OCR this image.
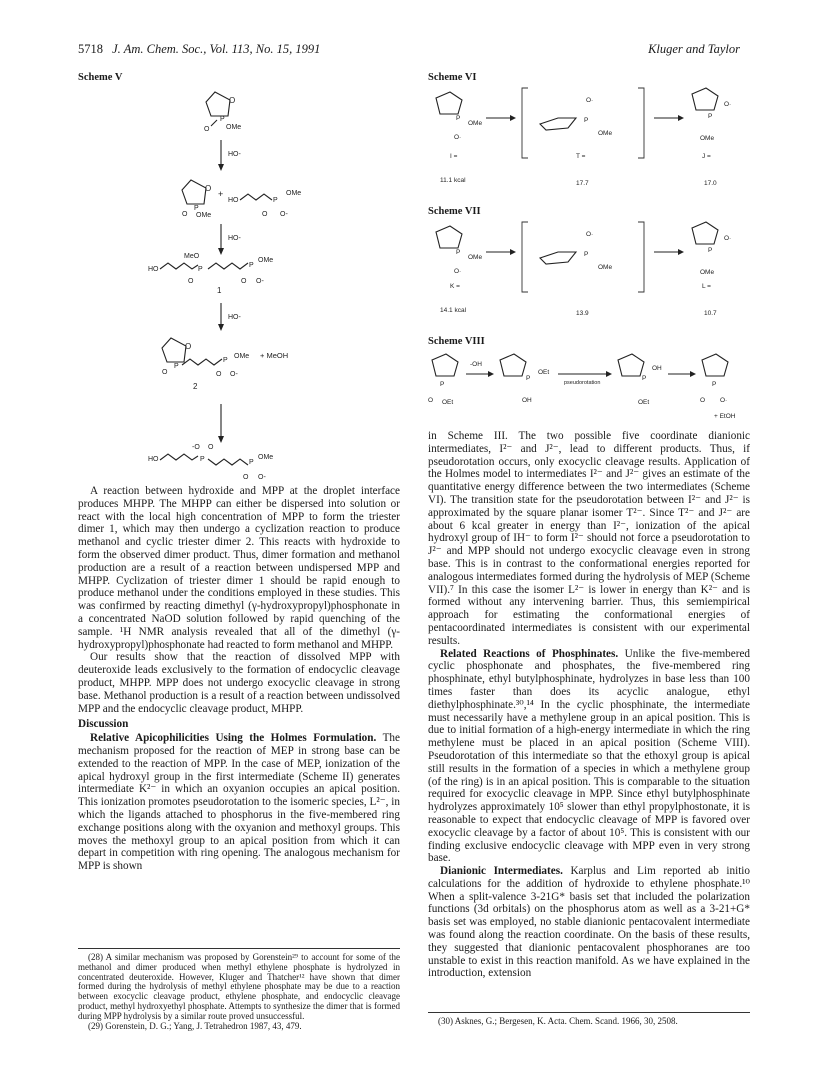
5718 J. Am. Chem. Soc., Vol. 113, No. 15, 1991	Kluger and Taylor
Scheme V
O
P
O OMe
HO-
O
P
O OMe
+
HO	P
OMe
O O-
HO-
MeO
HO	P
O
P
OMe
O O-
1
HO-
O
P
O
P
OMe
O O-
+ MeOH
2
-O O
HO	P	P
OMe
O O-
Scheme VI
P
OMe
O·
I =
P
OMe
O·
T =
P
O·
OMe
J =
11.1 kcal	17.7	17.0
Scheme VII
P
OMe
O·
K =
P
OMe
O·
P
O·
OMe
L =
14.1 kcal	13.9	10.7
Scheme VIII
P
O OEt
-OH
P
OEt
OH
pseudorotation
P
OH
OEt
P
O O·
+ EtOH

A reaction between hydroxide and MPP at the droplet interface produces MHPP. The MHPP can either be dispersed into solution or react with the local high concentration of MPP to form the triester dimer 1, which may then undergo a cyclization reaction to produce methanol and cyclic triester dimer 2. This reacts with hydroxide to form the observed dimer product. Thus, dimer formation and methanol production are a result of a reaction between undispersed MPP and MHPP. Cyclization of triester dimer 1 should be rapid enough to produce methanol under the conditions employed in these studies. This was confirmed by reacting dimethyl (γ-hydroxypropyl)phosphonate in a concentrated NaOD solution followed by rapid quenching of the sample. ¹H NMR analysis revealed that all of the dimethyl (γ-hydroxypropyl)phosphonate had reacted to form methanol and MHPP.

Our results show that the reaction of dissolved MPP with deuteroxide leads exclusively to the formation of endocyclic cleavage product, MHPP. MPP does not undergo exocyclic cleavage in strong base. Methanol production is a result of a reaction between undissolved MPP and the endocyclic cleavage product, MHPP.

Discussion

Relative Apicophilicities Using the Holmes Formulation. The mechanism proposed for the reaction of MEP in strong base can be extended to the reaction of MPP. In the case of MEP, ionization of the apical hydroxyl group in the first intermediate (Scheme II) generates intermediate K²⁻ in which an oxyanion occupies an apical position. This ionization promotes pseudorotation to the isomeric species, L²⁻, in which the ligands attached to phosphorus in the five-membered ring exchange positions along with the oxyanion and methoxyl groups. This moves the methoxyl group to an apical position from which it can depart in competition with ring opening. The analogous mechanism for MPP is shown

(28) A similar mechanism was proposed by Gorenstein²⁹ to account for some of the methanol and dimer produced when methyl ethylene phosphate is hydrolyzed in concentrated deuteroxide. However, Kluger and Thatcher¹² have shown that dimer formed during the hydrolysis of methyl ethylene phosphate may be due to a reaction between exocyclic cleavage product, ethylene phosphate, and endocyclic cleavage product, methyl hydroxyethyl phosphate. Attempts to synthesize the dimer that is formed during MPP hydrolysis by a similar route proved unsuccessful.

(29) Gorenstein, D. G.; Yang, J. Tetrahedron 1987, 43, 479.

in Scheme III. The two possible five coordinate dianionic intermediates, I²⁻ and J²⁻, lead to different products. Thus, if pseudorotation occurs, only exocyclic cleavage results. Application of the Holmes model to intermediates I²⁻ and J²⁻ gives an estimate of the quantitative energy difference between the two intermediates (Scheme VI). The transition state for the pseudorotation between I²⁻ and J²⁻ is approximated by the square planar isomer T²⁻. Since T²⁻ and J²⁻ are about 6 kcal greater in energy than I²⁻, ionization of the apical hydroxyl group of IH⁻ to form I²⁻ should not force a pseudorotation to J²⁻ and MPP should not undergo exocyclic cleavage even in strong base. This is in contrast to the conformational energies reported for analogous intermediates formed during the hydrolysis of MEP (Scheme VII).⁷ In this case the isomer L²⁻ is lower in energy than K²⁻ and is formed without any intervening barrier. Thus, this semiempirical approach for estimating the conformational energies of pentacoordinated intermediates is consistent with our experimental results.

Related Reactions of Phosphinates. Unlike the five-membered cyclic phosphonate and phosphates, the five-membered ring phosphinate, ethyl butylphosphinate, hydrolyzes in base less than 100 times faster than does its acyclic analogue, ethyl diethylphosphinate.³⁰,¹⁴ In the cyclic phosphinate, the intermediate must necessarily have a methylene group in an apical position. This is due to initial formation of a high-energy intermediate in which the ring methylene must be placed in an apical position (Scheme VIII). Pseudorotation of this intermediate so that the ethoxyl group is apical still results in the formation of a species in which a methylene group (of the ring) is in an apical position. This is comparable to the situation required for exocyclic cleavage in MPP. Since ethyl butylphosphinate hydrolyzes approximately 10⁵ slower than ethyl propylphostonate, it is reasonable to expect that endocyclic cleavage of MPP is favored over exocyclic cleavage by a factor of about 10⁵. This is consistent with our finding exclusive endocyclic cleavage with MPP even in very strong base.

Dianionic Intermediates. Karplus and Lim reported ab initio calculations for the addition of hydroxide to ethylene phosphate.¹⁰ When a split-valence 3-21G* basis set that included the polarization functions (3d orbitals) on the phosphorus atom as well as a 3-21+G* basis set was employed, no stable dianionic pentacovalent intermediate was found along the reaction coordinate. On the basis of these results, they suggested that dianionic pentacovalent phosphoranes are too unstable to exist in this reaction manifold. As we have explained in the introduction, extension

(30) Asknes, G.; Bergesen, K. Acta. Chem. Scand. 1966, 30, 2508.
